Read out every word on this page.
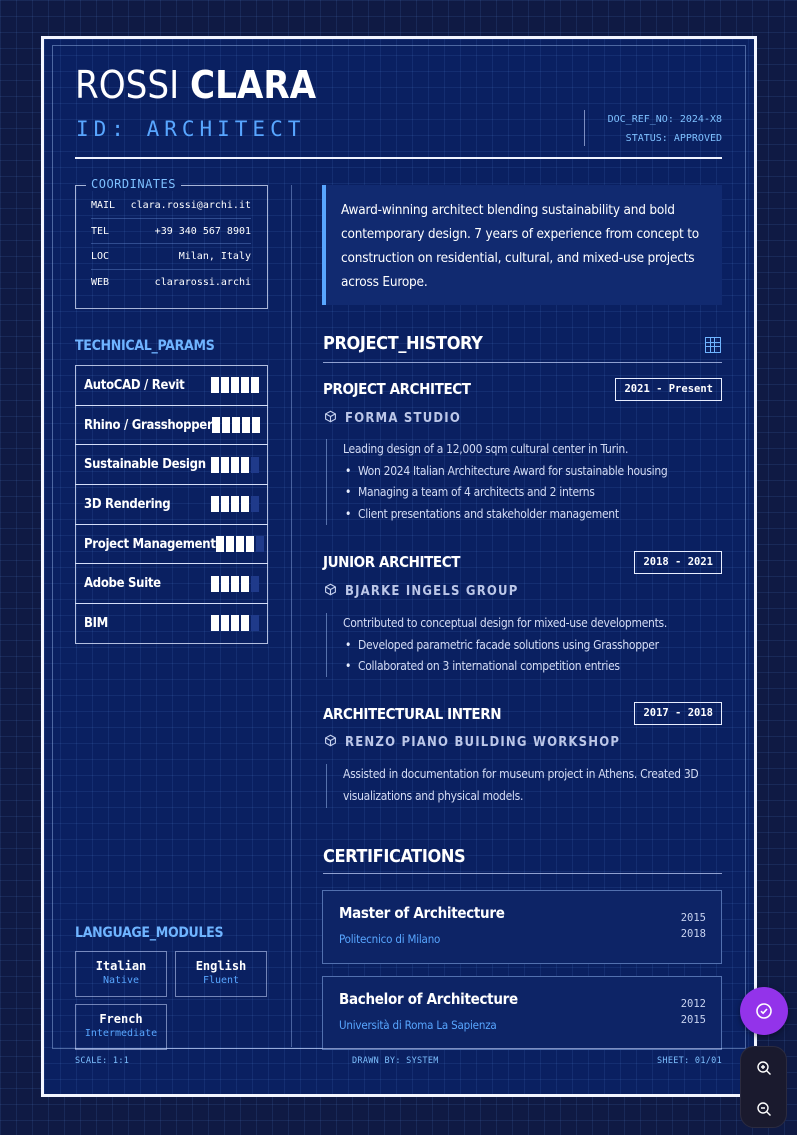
ROSSI CLARA
ID: ARCHITECT	DOC_REF_NO: 2024-X8
STATUS: APPROVED
COORDINATES
MAIL clara.rossi@archi.it
TEL	+39 340 567 8901
LOC	Milan, Italy
WEB	clararossi.archi
TECHNICAL_PARAMS
AutoCAD / Revit
Rhino / Grasshopper
Sustainable Design
3D Rendering
Project Management
Adobe Suite
BIM
LANGUAGE_MODULES
Italian
Native
English
Fluent
French
Intermediate
Award-winning architect blending sustainability and bold contemporary design. 7 years of experience from concept to construction on residential, cultural, and mixed-use projects across Europe.
PROJECT_HISTORY
PROJECT ARCHITECT	2021 - Present
FORMA STUDIO
Leading design of a 12,000 sqm cultural center in Turin.
• Won 2024 Italian Architecture Award for sustainable housing
• Managing a team of 4 architects and 2 interns
• Client presentations and stakeholder management
JUNIOR ARCHITECT	2018 - 2021
BJARKE INGELS GROUP
Contributed to conceptual design for mixed-use developments.
• Developed parametric facade solutions using Grasshopper
• Collaborated on 3 international competition entries
ARCHITECTURAL INTERN	2017 - 2018
RENZO PIANO BUILDING WORKSHOP
Assisted in documentation for museum project in Athens. Created 3D visualizations and physical models.
CERTIFICATIONS
Master of Architecture
Politecnico di Milano
2015
2018
Bachelor of Architecture
Università di Roma La Sapienza
2012
2015
SCALE: 1:1	DRAWN BY: SYSTEM	SHEET: 01/01
